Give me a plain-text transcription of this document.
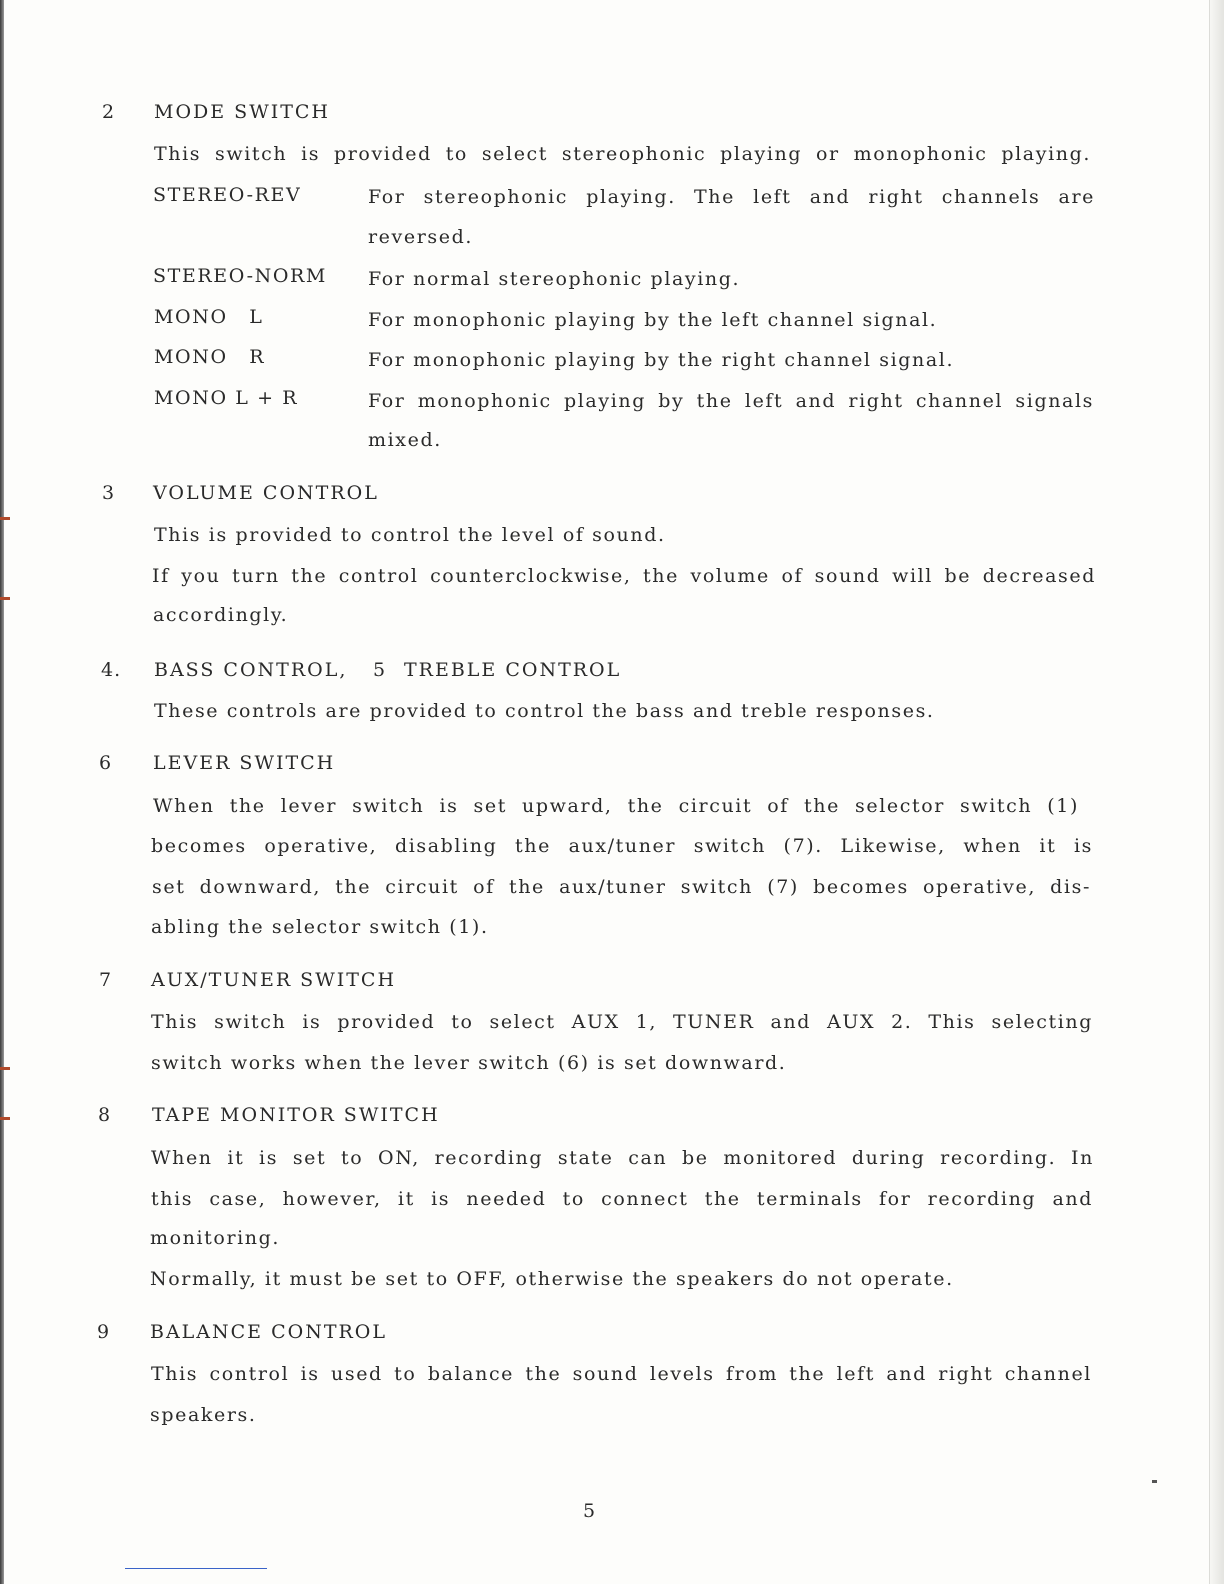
2 MODE SWITCH
This switch is provided to select stereophonic playing or monophonic playing.
STEREO-REV	For stereophonic playing. The left and right channels are
reversed.
STEREO-NORM For normal stereophonic playing.
MONO L	For monophonic playing by the left channel signal.
MONO R	For monophonic playing by the right channel signal.
MONO L + R	For monophonic playing by the left and right channel signals
mixed.
3 VOLUME CONTROL
This is provided to control the level of sound.
If you turn the control counterclockwise, the volume of sound will be decreased
accordingly.
4. BASS CONTROL, 5 TREBLE CONTROL
These controls are provided to control the bass and treble responses.
6 LEVER SWITCH
When the lever switch is set upward, the circuit of the selector switch (1)
becomes operative, disabling the aux/tuner switch (7). Likewise, when it is
set downward, the circuit of the aux/tuner switch (7) becomes operative, dis-
abling the selector switch (1).
7 AUX/TUNER SWITCH
This switch is provided to select AUX 1, TUNER and AUX 2. This selecting
switch works when the lever switch (6) is set downward.
8 TAPE MONITOR SWITCH
When it is set to ON, recording state can be monitored during recording. In
this case, however, it is needed to connect the terminals for recording and
monitoring.
Normally, it must be set to OFF, otherwise the speakers do not operate.
9 BALANCE CONTROL
This control is used to balance the sound levels from the left and right channel
speakers.
5
